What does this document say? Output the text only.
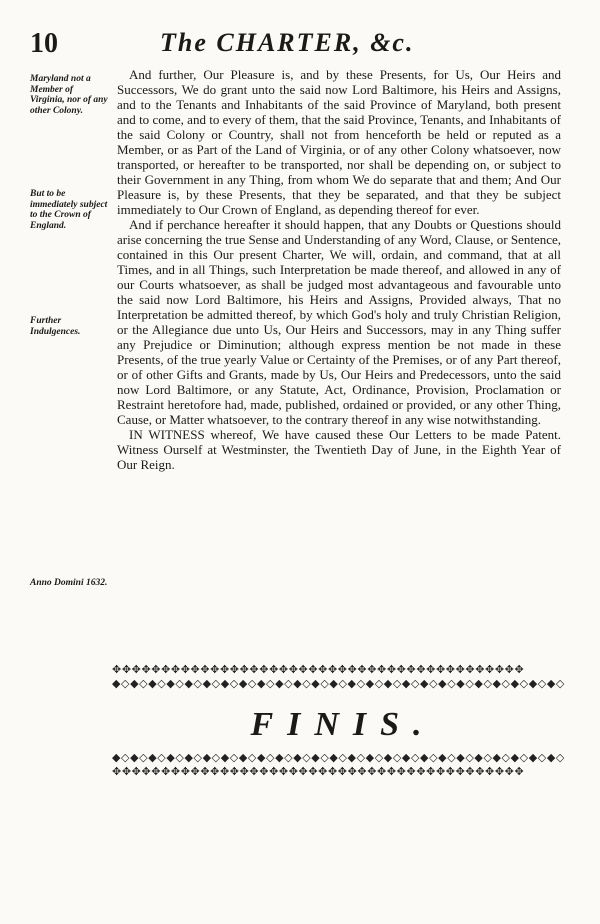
10	The CHARTER, &c.
Maryland not a Member of Virginia, nor of any other Colony.
But to be immediately subject to the Crown of England.
Further Indulgences.
Anno Domini 1632.

And further, Our Pleasure is, and by these Presents, for Us, Our Heirs and Successors, We do grant unto the said now Lord Baltimore, his Heirs and Assigns, and to the Tenants and Inhabitants of the said Province of Maryland, both present and to come, and to every of them, that the said Province, Tenants, and Inhabitants of the said Colony or Country, shall not from henceforth be held or reputed as a Member, or as Part of the Land of Virginia, or of any other Colony whatsoever, now transported, or hereafter to be transported, nor shall be depending on, or subject to their Government in any Thing, from whom We do separate that and them; And Our Pleasure is, by these Presents, that they be separated, and that they be subject immediately to Our Crown of England, as depending thereof for ever.

And if perchance hereafter it should happen, that any Doubts or Questions should arise concerning the true Sense and Understanding of any Word, Clause, or Sentence, contained in this Our present Charter, We will, ordain, and command, that at all Times, and in all Things, such Interpretation be made thereof, and allowed in any of our Courts whatsoever, as shall be judged most advantageous and favourable unto the said now Lord Baltimore, his Heirs and Assigns, Provided always, That no Interpretation be admitted thereof, by which God's holy and truly Christian Religion, or the Allegiance due unto Us, Our Heirs and Successors, may in any Thing suffer any Prejudice or Diminution; although express mention be not made in these Presents, of the true yearly Value or Certainty of the Premises, or of any Part thereof, or of other Gifts and Grants, made by Us, Our Heirs and Predecessors, unto the said now Lord Baltimore, or any Statute, Act, Ordinance, Provision, Proclamation or Restraint heretofore had, made, published, ordained or provided, or any other Thing, Cause, or Matter whatsoever, to the contrary thereof in any wise notwithstanding.

IN WITNESS whereof, We have caused these Our Letters to be made Patent. Witness Ourself at Westminster, the Twentieth Day of June, in the Eighth Year of Our Reign.

✥✥✥✥✥✥✥✥✥✥✥✥✥✥✥✥✥✥✥✥✥✥✥✥✥✥✥✥✥✥✥✥✥✥✥✥✥✥✥✥✥✥
◆◇◆◇◆◇◆◇◆◇◆◇◆◇◆◇◆◇◆◇◆◇◆◇◆◇◆◇◆◇◆◇◆◇◆◇◆◇◆◇◆◇◆◇◆◇◆◇◆◇
FINIS.
◆◇◆◇◆◇◆◇◆◇◆◇◆◇◆◇◆◇◆◇◆◇◆◇◆◇◆◇◆◇◆◇◆◇◆◇◆◇◆◇◆◇◆◇◆◇◆◇◆◇
✥✥✥✥✥✥✥✥✥✥✥✥✥✥✥✥✥✥✥✥✥✥✥✥✥✥✥✥✥✥✥✥✥✥✥✥✥✥✥✥✥✥
